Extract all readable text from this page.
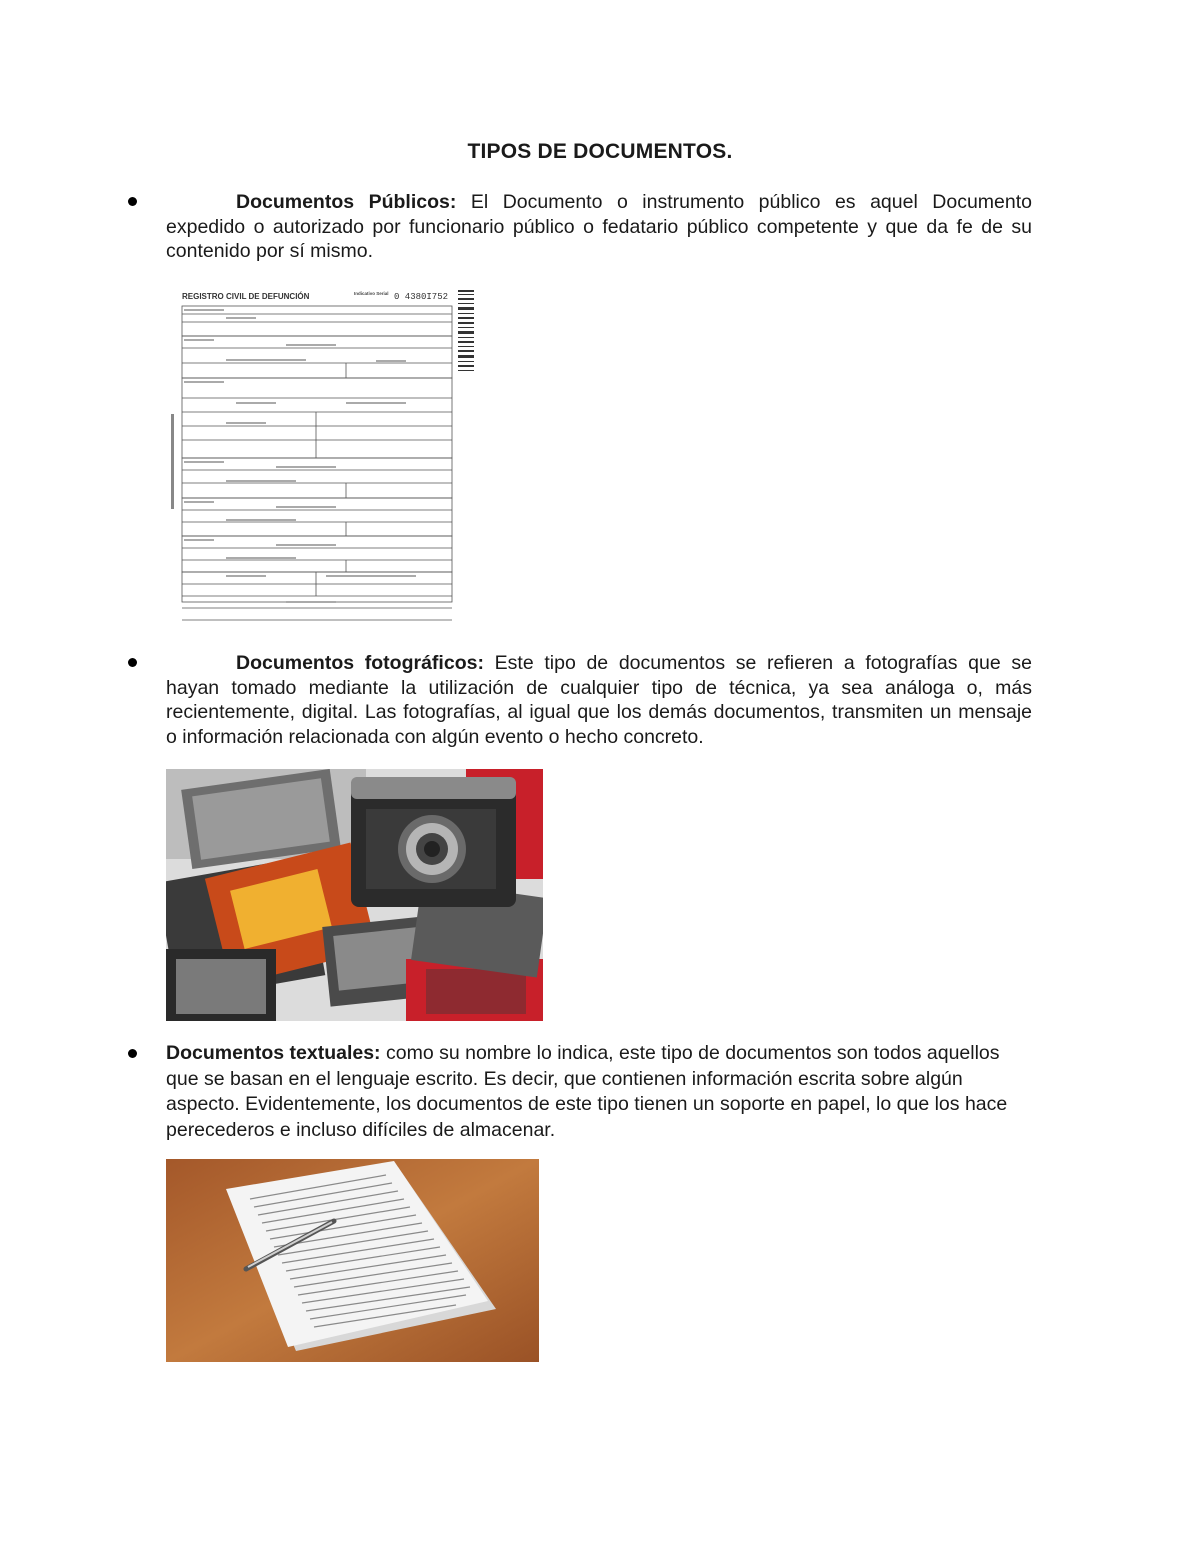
TIPOS DE DOCUMENTOS.
Documentos Públicos: El Documento o instrumento público es aquel Documento expedido o autorizado por funcionario público o fedatario público competente y que da fe de su contenido por sí mismo.
REGISTRO CIVIL DE DEFUNCIÓN	Indicativo Serial 0 4380I752
Documentos fotográficos: Este tipo de documentos se refieren a fotografías que se hayan tomado mediante la utilización de cualquier tipo de técnica, ya sea análoga o, más recientemente, digital. Las fotografías, al igual que los demás documentos, transmiten un mensaje o información relacionada con algún evento o hecho concreto.
Documentos textuales: como su nombre lo indica, este tipo de documentos son todos aquellos que se basan en el lenguaje escrito. Es decir, que contienen información escrita sobre algún aspecto. Evidentemente, los documentos de este tipo tienen un soporte en papel, lo que los hace perecederos e incluso difíciles de almacenar.
